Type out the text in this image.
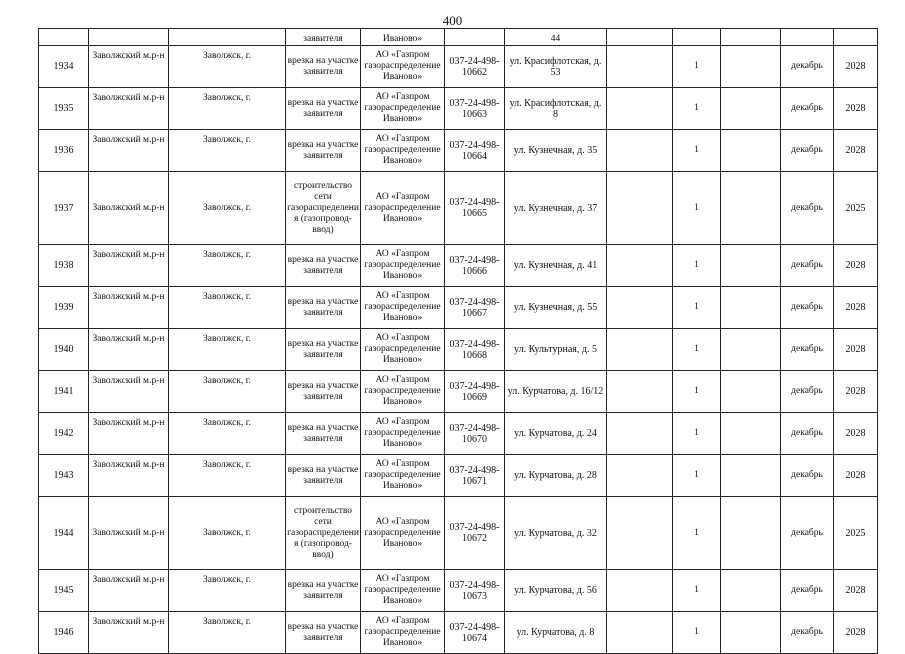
400
			заявителя	Иваново»		44					
1934	Заволжский м.р-н	Заволжск, г.	врезка на участке заявителя	АО «Газпром газораспределение Иваново»	037-24-498-10662	ул. Красифлотская, д. 53		1		декабрь	2028
1935	Заволжский м.р-н	Заволжск, г.	врезка на участке заявителя	АО «Газпром газораспределение Иваново»	037-24-498-10663	ул. Красифлотская, д. 8		1		декабрь	2028
1936	Заволжский м.р-н	Заволжск, г.	врезка на участке заявителя	АО «Газпром газораспределение Иваново»	037-24-498-10664	ул. Кузнечная, д. 35		1		декабрь	2028
1937	Заволжский м.р-н	Заволжск, г.	строительство сети газораспределения (газопровод-ввод)	АО «Газпром газораспределение Иваново»	037-24-498-10665	ул. Кузнечная, д. 37		1		декабрь	2025
1938	Заволжский м.р-н	Заволжск, г.	врезка на участке заявителя	АО «Газпром газораспределение Иваново»	037-24-498-10666	ул. Кузнечная, д. 41		1		декабрь	2028
1939	Заволжский м.р-н	Заволжск, г.	врезка на участке заявителя	АО «Газпром газораспределение Иваново»	037-24-498-10667	ул. Кузнечная, д. 55		1		декабрь	2028
1940	Заволжский м.р-н	Заволжск, г.	врезка на участке заявителя	АО «Газпром газораспределение Иваново»	037-24-498-10668	ул. Культурная, д. 5		1		декабрь	2028
1941	Заволжский м.р-н	Заволжск, г.	врезка на участке заявителя	АО «Газпром газораспределение Иваново»	037-24-498-10669	ул. Курчатова, д. 16/12		1		декабрь	2028
1942	Заволжский м.р-н	Заволжск, г.	врезка на участке заявителя	АО «Газпром газораспределение Иваново»	037-24-498-10670	ул. Курчатова, д. 24		1		декабрь	2028
1943	Заволжский м.р-н	Заволжск, г.	врезка на участке заявителя	АО «Газпром газораспределение Иваново»	037-24-498-10671	ул. Курчатова, д. 28		1		декабрь	2028
1944	Заволжский м.р-н	Заволжск, г.	строительство сети газораспределения (газопровод-ввод)	АО «Газпром газораспределение Иваново»	037-24-498-10672	ул. Курчатова, д. 32		1		декабрь	2025
1945	Заволжский м.р-н	Заволжск, г.	врезка на участке заявителя	АО «Газпром газораспределение Иваново»	037-24-498-10673	ул. Курчатова, д. 56		1		декабрь	2028
1946	Заволжский м.р-н	Заволжск, г.	врезка на участке заявителя	АО «Газпром газораспределение Иваново»	037-24-498-10674	ул. Курчатова, д. 8		1		декабрь	2028
